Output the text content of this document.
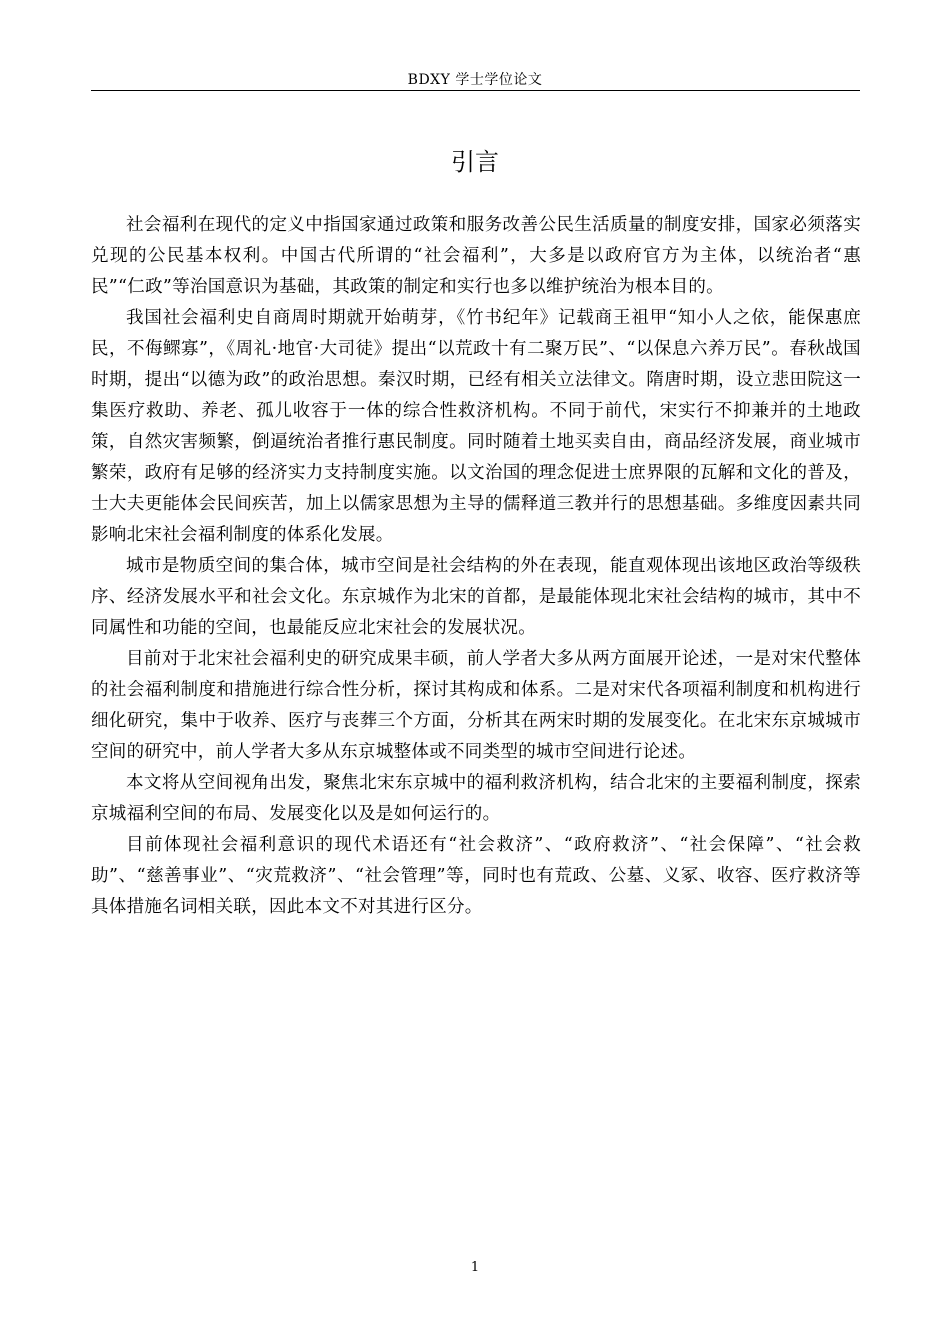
BDXY 学士学位论文
引言

社会福利在现代的定义中指国家通过政策和服务改善公民生活质量的制度安排，国家必须落实兑现的公民基本权利。中国古代所谓的“社会福利”，大多是以政府官方为主体，以统治者“惠民”“仁政”等治国意识为基础，其政策的制定和实行也多以维护统治为根本目的。

我国社会福利史自商周时期就开始萌芽，《竹书纪年》记载商王祖甲“知小人之依，能保惠庶民，不侮鳏寡”，《周礼·地官·大司徒》提出“以荒政十有二聚万民”、“以保息六养万民”。春秋战国时期，提出“以德为政”的政治思想。秦汉时期，已经有相关立法律文。隋唐时期，设立悲田院这一集医疗救助、养老、孤儿收容于一体的综合性救济机构。不同于前代，宋实行不抑兼并的土地政策，自然灾害频繁，倒逼统治者推行惠民制度。同时随着土地买卖自由，商品经济发展，商业城市繁荣，政府有足够的经济实力支持制度实施。以文治国的理念促进士庶界限的瓦解和文化的普及，士大夫更能体会民间疾苦，加上以儒家思想为主导的儒释道三教并行的思想基础。多维度因素共同影响北宋社会福利制度的体系化发展。

城市是物质空间的集合体，城市空间是社会结构的外在表现，能直观体现出该地区政治等级秩序、经济发展水平和社会文化。东京城作为北宋的首都，是最能体现北宋社会结构的城市，其中不同属性和功能的空间，也最能反应北宋社会的发展状况。

目前对于北宋社会福利史的研究成果丰硕，前人学者大多从两方面展开论述，一是对宋代整体的社会福利制度和措施进行综合性分析，探讨其构成和体系。二是对宋代各项福利制度和机构进行细化研究，集中于收养、医疗与丧葬三个方面，分析其在两宋时期的发展变化。在北宋东京城城市空间的研究中，前人学者大多从东京城整体或不同类型的城市空间进行论述。

本文将从空间视角出发，聚焦北宋东京城中的福利救济机构，结合北宋的主要福利制度，探索京城福利空间的布局、发展变化以及是如何运行的。

目前体现社会福利意识的现代术语还有“社会救济”、“政府救济”、“社会保障”、“社会救助”、“慈善事业”、“灾荒救济”、“社会管理”等，同时也有荒政、公墓、义冢、收容、医疗救济等具体措施名词相关联，因此本文不对其进行区分。

1
